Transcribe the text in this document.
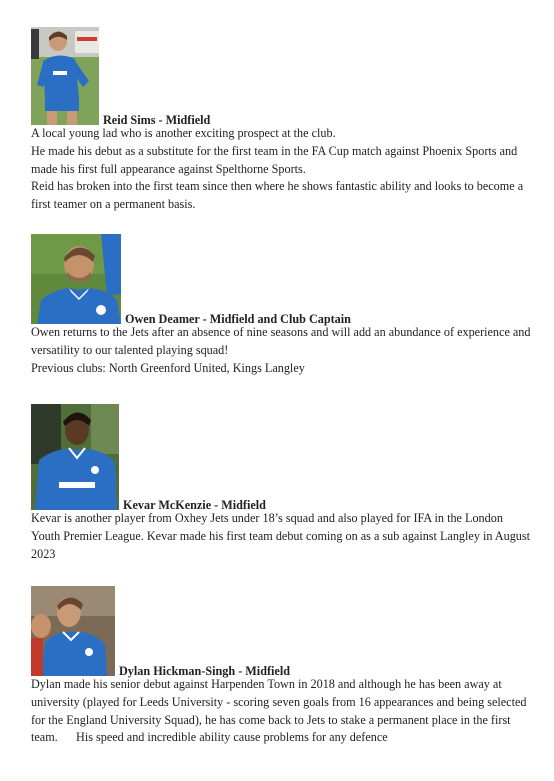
Reid Sims - Midfield

A local young lad who is another exciting prospect at the club.

He made his debut as a substitute for the first team in the FA Cup match against Phoenix Sports and made his first full appearance against Spelthorne Sports.

Reid has broken into the first team since then where he shows fantastic ability and looks to become a first teamer on a permanent basis.

Owen Deamer - Midfield and Club Captain

Owen returns to the Jets after an absence of nine seasons and will add an abundance of experience and versatility to our talented playing squad!

Previous clubs: North Greenford United, Kings Langley

Kevar McKenzie - Midfield

Kevar is another player from Oxhey Jets under 18’s squad and also played for IFA in the London Youth Premier League. Kevar made his first team debut coming on as a sub against Langley in August 2023

Dylan Hickman-Singh - Midfield

Dylan made his senior debut against Harpenden Town in 2018 and although he has been away at university (played for Leeds University - scoring seven goals from 16 appearances and being selected for the England University Squad), he has come back to Jets to stake a permanent place in the first team.      His speed and incredible ability cause problems for any defence
